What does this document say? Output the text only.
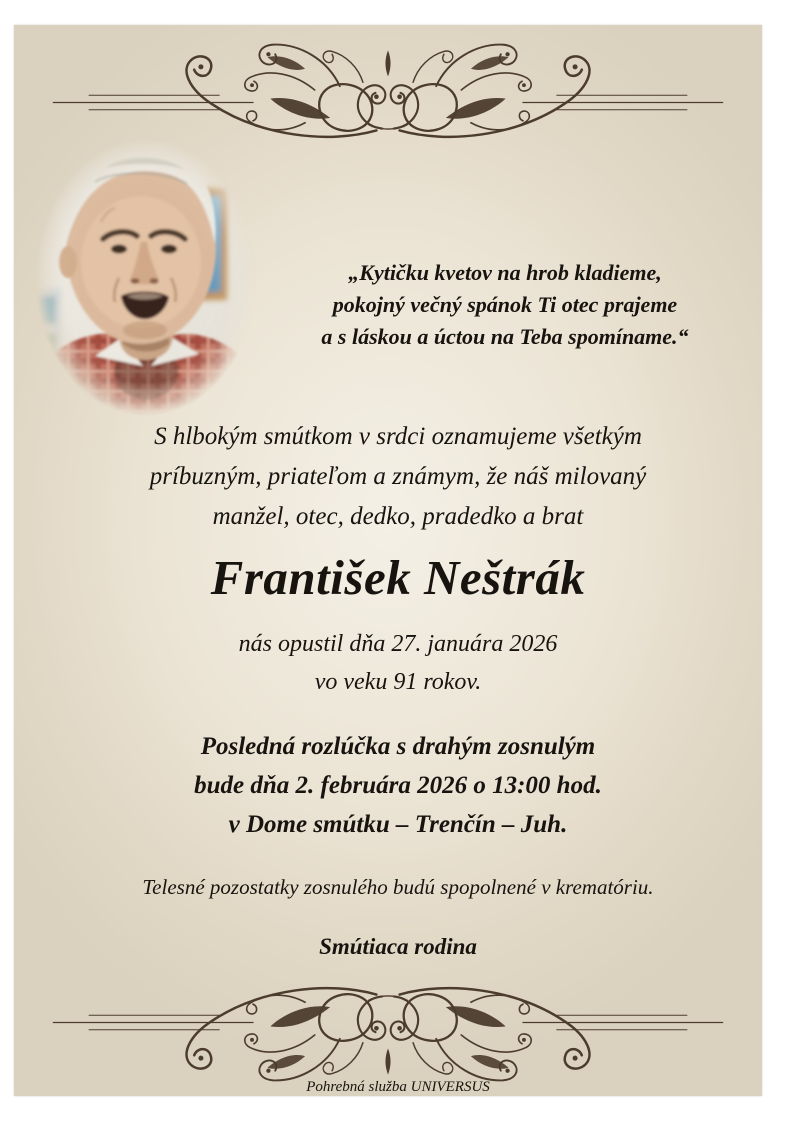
„Kytičku kvetov na hrob kladieme,
pokojný večný spánok Ti otec prajeme
a s láskou a úctou na Teba spomíname.“
S hlbokým smútkom v srdci oznamujeme všetkým
príbuzným, priateľom a známym, že náš milovaný
manžel, otec, dedko, pradedko a brat
František Neštrák
nás opustil dňa 27. januára 2026
vo veku 91 rokov.
Posledná rozlúčka s drahým zosnulým
bude dňa 2. februára 2026 o 13:00 hod.
v Dome smútku – Trenčín – Juh.
Telesné pozostatky zosnulého budú spopolnené v krematóriu.
Smútiaca rodina
Pohrebná služba UNIVERSUS
